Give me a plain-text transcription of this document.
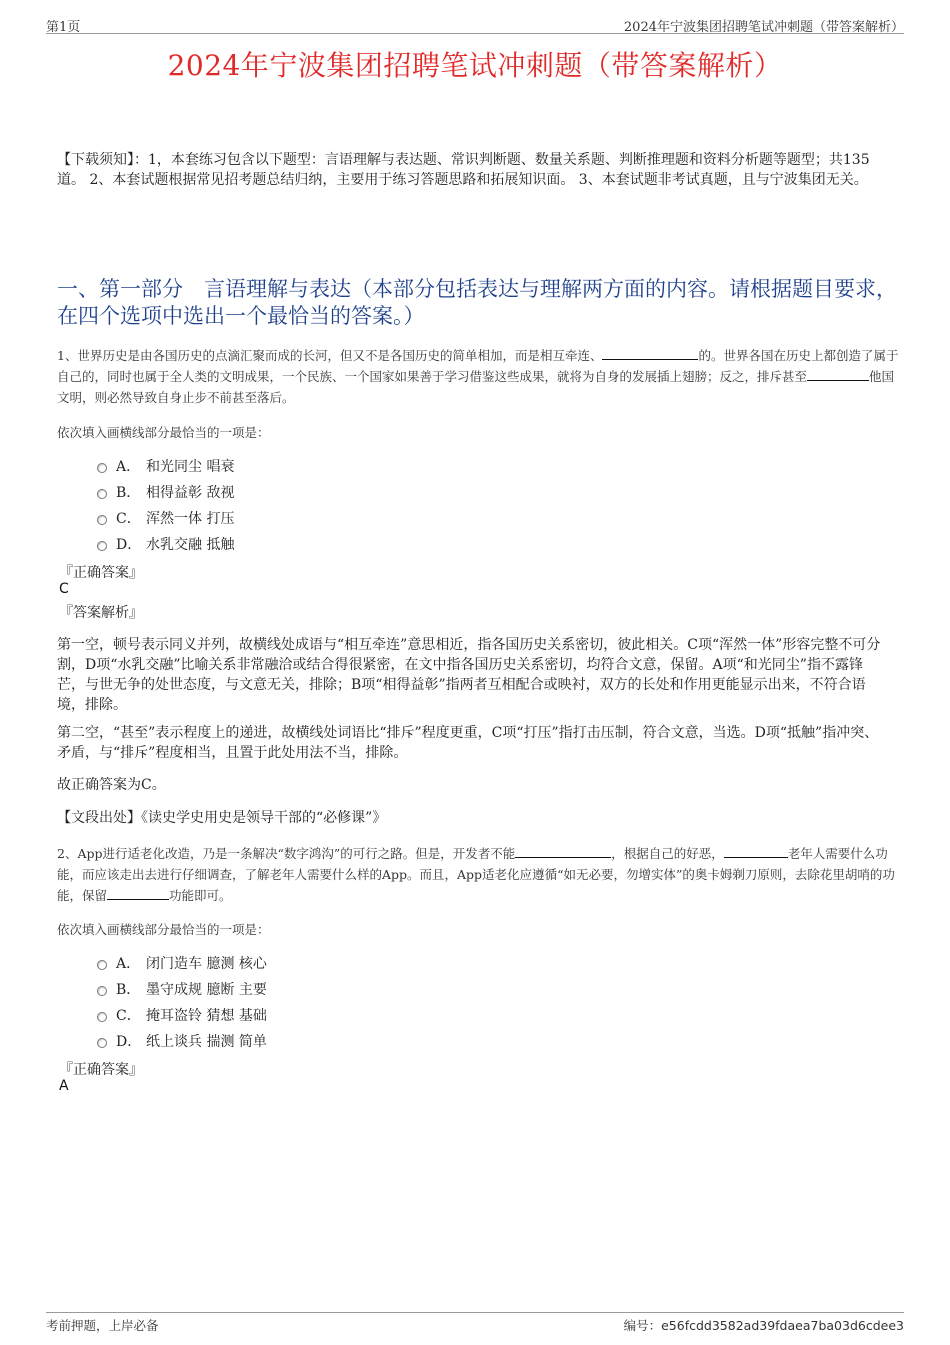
第1页	2024年宁波集团招聘笔试冲刺题（带答案解析）
2024年宁波集团招聘笔试冲刺题（带答案解析）
【下载须知】：1，本套练习包含以下题型：言语理解与表达题、常识判断题、数量关系题、判断推理题和资料分析题等题型；共135道。 2、本套试题根据常见招考题总结归纳，主要用于练习答题思路和拓展知识面。 3、本套试题非考试真题，且与宁波集团无关。
一、第一部分　言语理解与表达（本部分包括表达与理解两方面的内容。请根据题目要求，在四个选项中选出一个最恰当的答案。）
1、世界历史是由各国历史的点滴汇聚而成的长河，但又不是各国历史的简单相加，而是相互牵连、	的。世界各国在历史上都创造了属于自己的，同时也属于全人类的文明成果，一个民族、一个国家如果善于学习借鉴这些成果，就将为自身的发展插上翅膀；反之，排斥甚至	他国文明，则必然导致自身止步不前甚至落后。
依次填入画横线部分最恰当的一项是：
A． 和光同尘 唱衰
B． 相得益彰 敌视
C． 浑然一体 打压
D． 水乳交融 抵触
『正确答案』
C
『答案解析』
第一空，顿号表示同义并列，故横线处成语与“相互牵连”意思相近，指各国历史关系密切，彼此相关。C项“浑然一体”形容完整不可分割，D项“水乳交融”比喻关系非常融洽或结合得很紧密，在文中指各国历史关系密切，均符合文意，保留。A项“和光同尘”指不露锋芒，与世无争的处世态度，与文意无关，排除；B项“相得益彰”指两者互相配合或映衬，双方的长处和作用更能显示出来，不符合语境，排除。
第二空，“甚至”表示程度上的递进，故横线处词语比“排斥”程度更重，C项“打压”指打击压制，符合文意，当选。D项“抵触”指冲突、矛盾，与“排斥”程度相当，且置于此处用法不当，排除。
故正确答案为C。
【文段出处】《读史学史用史是领导干部的“必修课”》
2、App进行适老化改造，乃是一条解决“数字鸿沟”的可行之路。但是，开发者不能	，根据自己的好恶，	老年人需要什么功能，而应该走出去进行仔细调查，了解老年人需要什么样的App。而且，App适老化应遵循“如无必要，勿增实体”的奥卡姆剃刀原则，去除花里胡哨的功能，保留	功能即可。
依次填入画横线部分最恰当的一项是：
A． 闭门造车 臆测 核心
B． 墨守成规 臆断 主要
C． 掩耳盗铃 猜想 基础
D． 纸上谈兵 揣测 简单
『正确答案』
A
考前押题，上岸必备	编号：e56fcdd3582ad39fdaea7ba03d6cdee3
